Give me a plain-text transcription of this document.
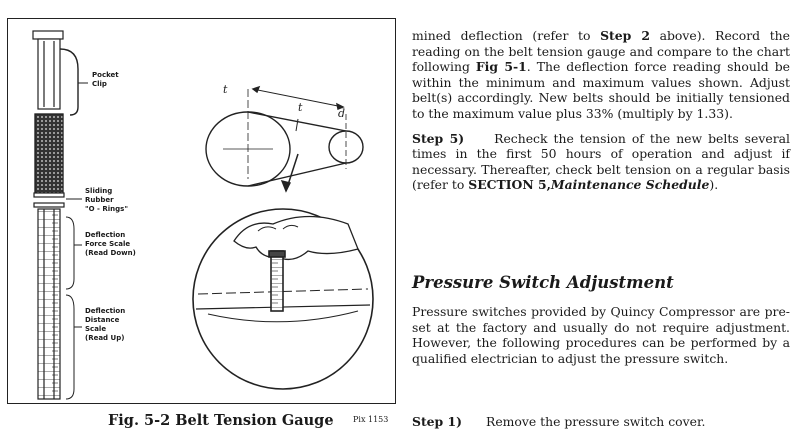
t
t	d
Pocket
Clip
Sliding
Rubber
"O - Rings"
Deflection
Force Scale
(Read Down)
Deflection
Distance
Scale
(Read Up)
Fig. 5-2 Belt Tension Gauge Pix 1153

mined deflection (refer to Step 2 above). Record the reading on the belt tension gauge and compare to the chart following Fig 5-1. The deflection force reading should be within the minimum and maximum values shown. Adjust belt(s) accordingly. New belts should be initially tensioned to the maximum value plus 33% (multiply by 1.33).

Step 5) Recheck the tension of the new belts several times in the first 50 hours of operation and adjust if necessary. Thereafter, check belt tension on a regular basis (refer to SECTION 5,Maintenance Schedule).

Pressure Switch Adjustment
Pressure switches provided by Quincy Compressor are pre-set at the factory and usually do not require adjustment. However, the following procedures can be performed by a qualified electrician to adjust the pressure switch.
Step 1) Remove the pressure switch cover.
